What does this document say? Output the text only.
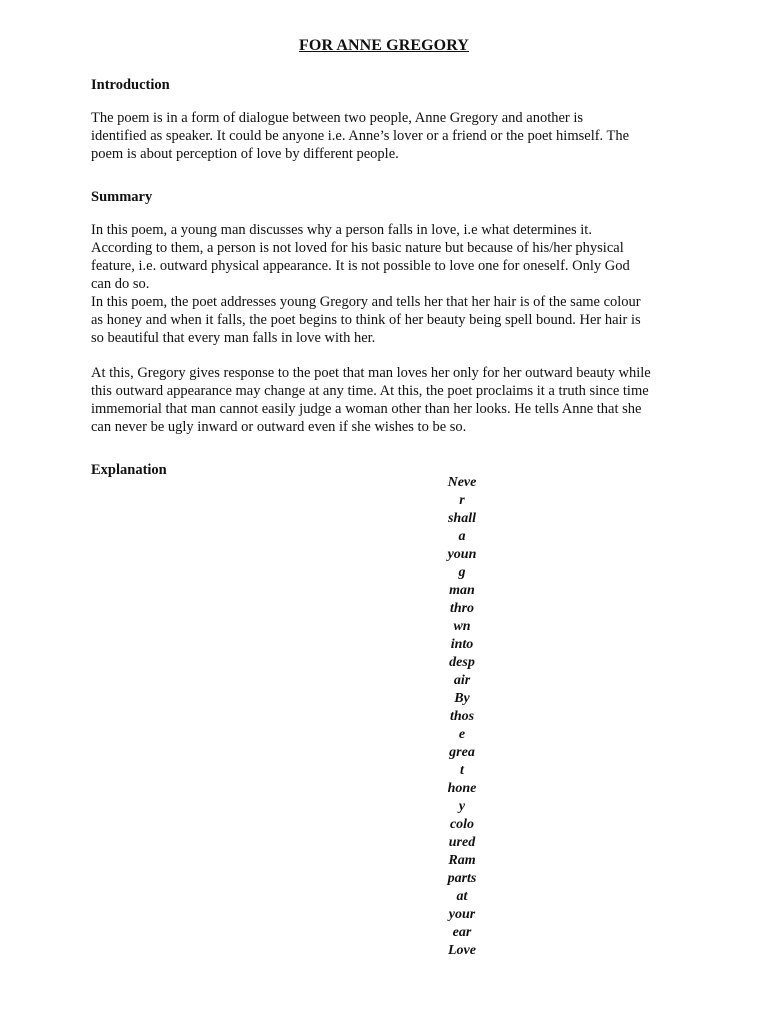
FOR ANNE GREGORY
Introduction
The poem is in a form of dialogue between two people, Anne Gregory and another is
identified as speaker. It could be anyone i.e. Anne’s lover or a friend or the poet himself. The
poem is about perception of love by different people.
Summary
In this poem, a young man discusses why a person falls in love, i.e what determines it.
According to them, a person is not loved for his basic nature but because of his/her physical
feature, i.e. outward physical appearance. It is not possible to love one for oneself. Only God
can do so.
In this poem, the poet addresses young Gregory and tells her that her hair is of the same colour
as honey and when it falls, the poet begins to think of her beauty being spell bound. Her hair is
so beautiful that every man falls in love with her.
At this, Gregory gives response to the poet that man loves her only for her outward beauty while
this outward appearance may change at any time. At this, the poet proclaims it a truth since time
immemorial that man cannot easily judge a woman other than her looks. He tells Anne that she
can never be ugly inward or outward even if she wishes to be so.
Explanation
Neve
r
shall
a
youn
g
man
thro
wn
into
desp
air
By
thos
e
grea
t
hone
y
colo
ured
Ram
parts
at
your
ear
Love
